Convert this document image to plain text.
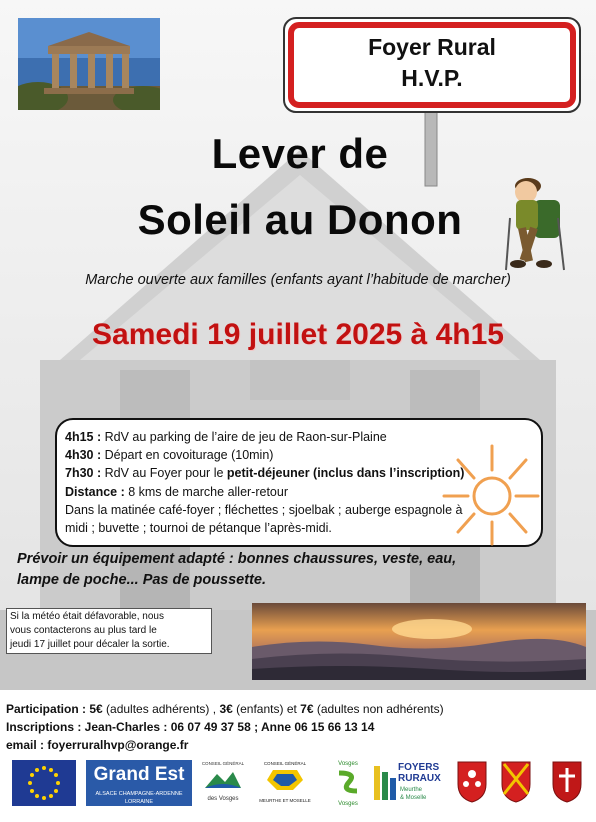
Foyer Rural
H.V.P.
Lever de
Soleil au Donon
Marche ouverte aux familles (enfants ayant l’habitude de marcher)
Samedi 19 juillet 2025 à 4h15
4h15 : RdV au parking de l’aire de jeu de Raon-sur-Plaine
4h30 : Départ en covoiturage (10min)
7h30 : RdV au Foyer pour le petit-déjeuner (inclus dans l’inscription)
Distance : 8 kms de marche aller-retour
Dans la matinée café-foyer ; fléchettes ; sjoelbak ; auberge espagnole à
midi ; buvette ; tournoi de pétanque l’après-midi.
Prévoir un équipement adapté : bonnes chaussures, veste, eau,
lampe de poche... Pas de poussette.
Si la météo était défavorable, nous
vous contacterons au plus tard le
jeudi 17 juillet pour décaler la sortie.
Participation : 5€ (adultes adhérents) , 3€ (enfants) et 7€ (adultes non adhérents)
Inscriptions : Jean-Charles : 06 07 49 37 58 ; Anne 06 15 66 13 14
email : foyerruralhvp@orange.fr
Grand Est
ALSACE CHAMPAGNE-ARDENNE LORRAINE
CONSEIL GÉNÉRAL
des Vosges
CONSEIL GÉNÉRAL
MEURTHE ET MOSELLE
Vosges
Vosges
FOYERS
RURAUX
Meurthe
& Moselle
